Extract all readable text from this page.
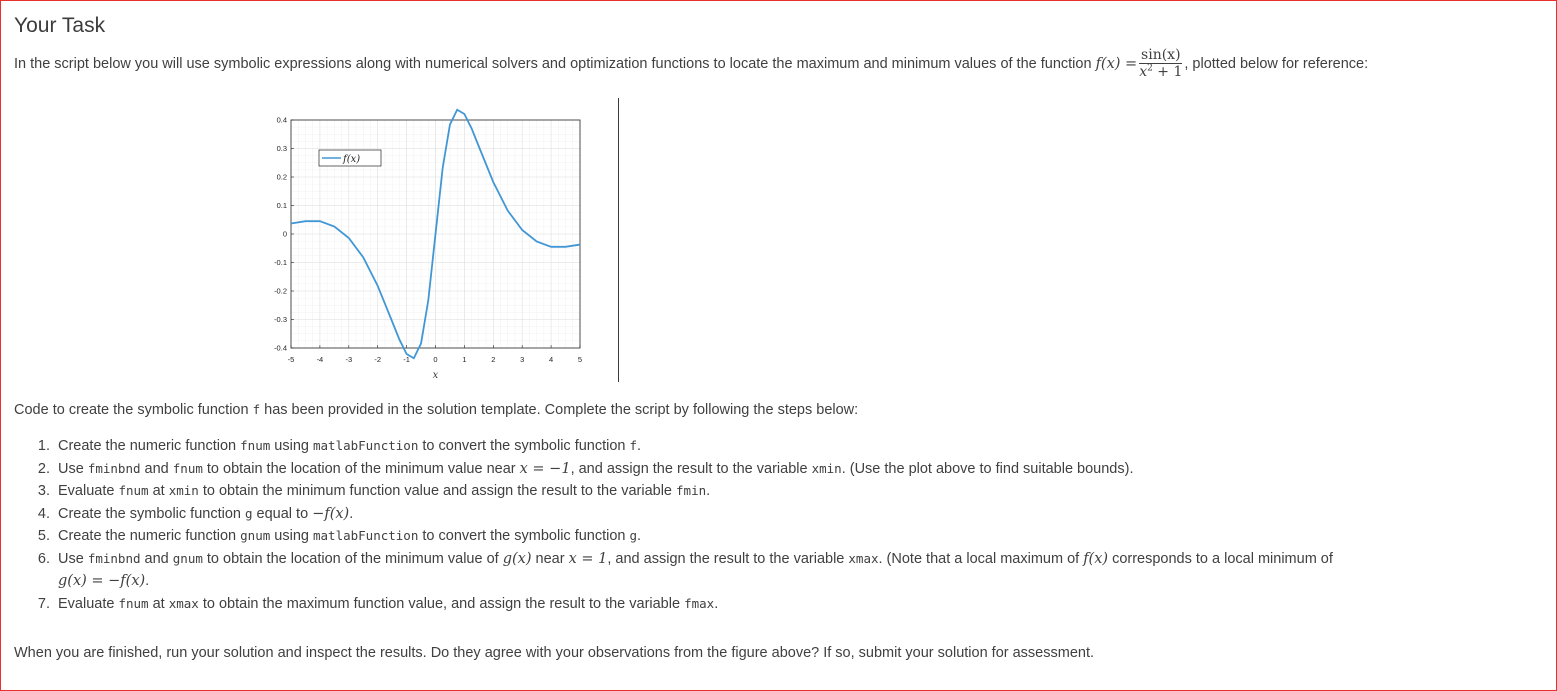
Your Task
In the script below you will use symbolic expressions along with numerical solvers and optimization functions to locate the maximum and minimum values of the function $f(x) = \frac{\sin(x)}{x^2 + 1}$ , plotted below for reference:
-5	-4	-3	-2	-1	0	1	2	3	4	5
0.4
0.3
0.2
0.1
0
-0.1
-0.2
-0.3
-0.4
x
f(x)
Code to create the symbolic function f has been provided in the solution template. Complete the script by following the steps below:
1. Create the numeric function fnum using matlabFunction to convert the symbolic function f.
2. Use fminbnd and fnum to obtain the location of the minimum value near x = −1, and assign the result to the variable xmin. (Use the plot above to find suitable bounds).
3. Evaluate fnum at xmin to obtain the minimum function value and assign the result to the variable fmin.
4. Create the symbolic function g equal to −f(x).
5. Create the numeric function gnum using matlabFunction to convert the symbolic function g.
6. Use fminbnd and gnum to obtain the location of the minimum value of g(x) near x = 1, and assign the result to the variable xmax. (Note that a local maximum of f(x) corresponds to a local minimum of
g(x) = −f(x).
7. Evaluate fnum at xmax to obtain the maximum function value, and assign the result to the variable fmax.
When you are finished, run your solution and inspect the results. Do they agree with your observations from the figure above? If so, submit your solution for assessment.
